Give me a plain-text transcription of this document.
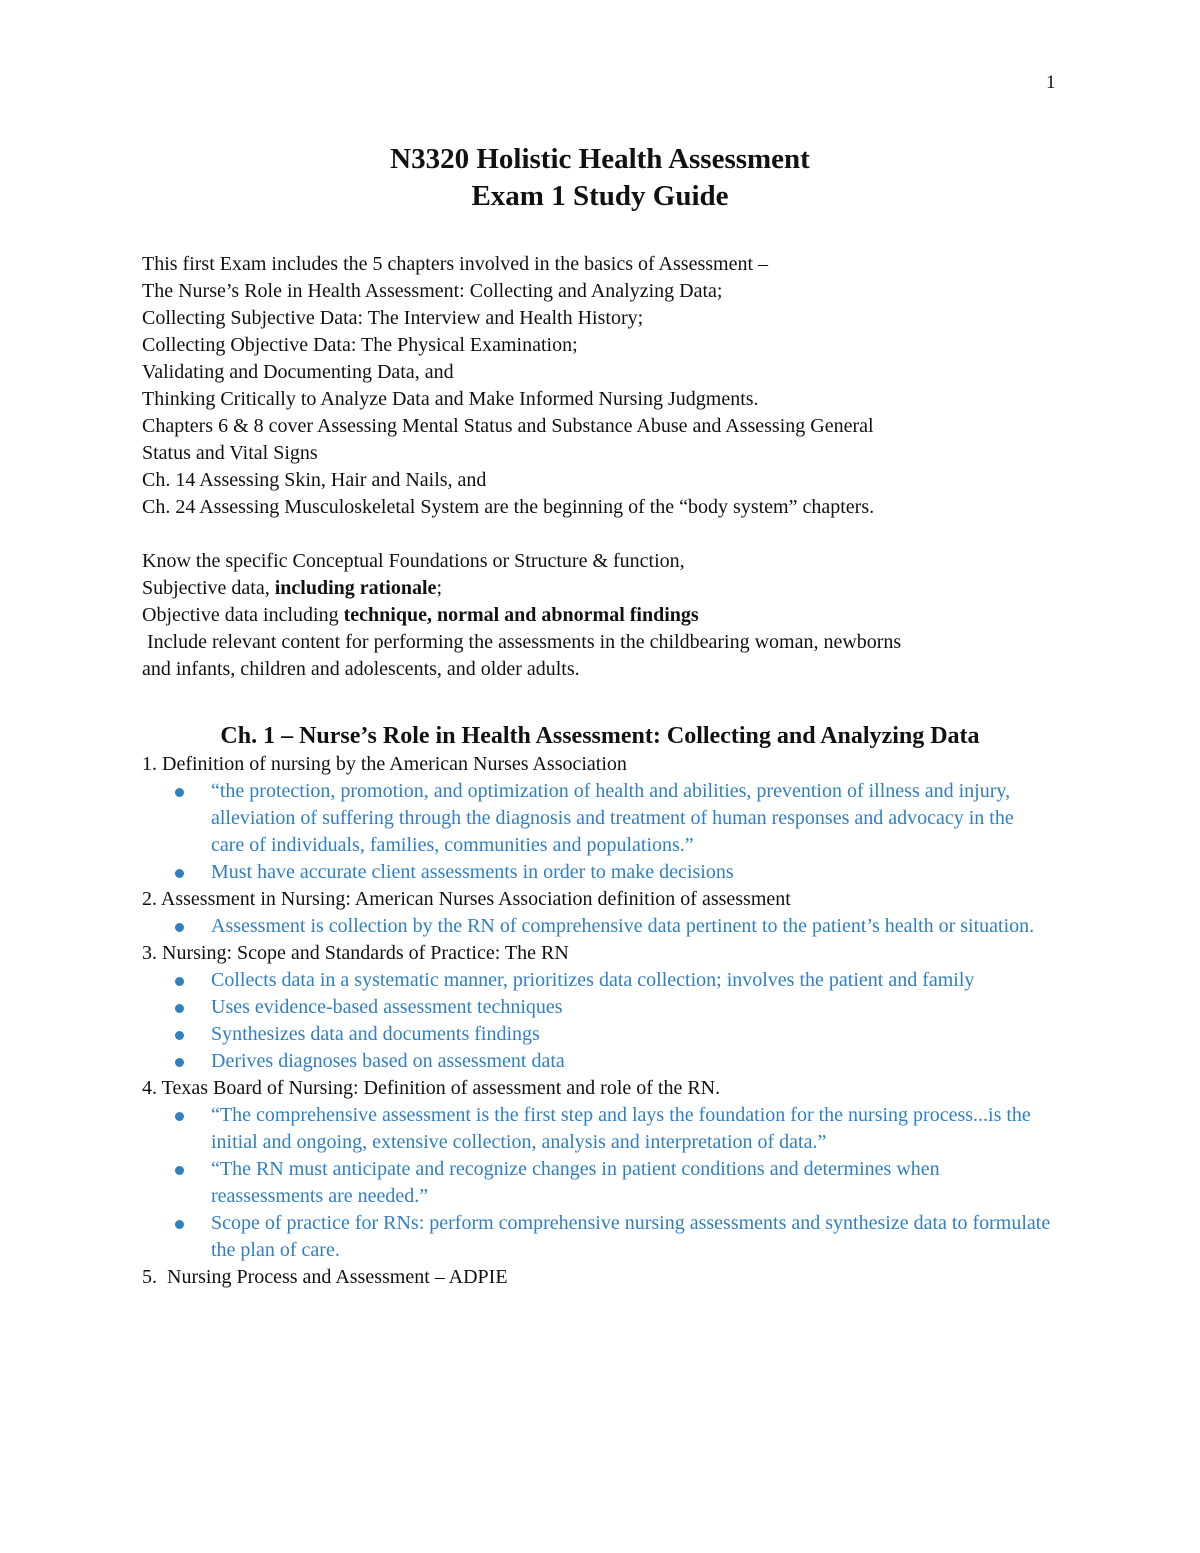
1
N3320 Holistic Health Assessment
Exam 1 Study Guide
This first Exam includes the 5 chapters involved in the basics of Assessment –
The Nurse’s Role in Health Assessment: Collecting and Analyzing Data;
Collecting Subjective Data: The Interview and Health History;
Collecting Objective Data: The Physical Examination;
Validating and Documenting Data, and
Thinking Critically to Analyze Data and Make Informed Nursing Judgments.
Chapters 6 & 8 cover Assessing Mental Status and Substance Abuse and Assessing General
Status and Vital Signs
Ch. 14 Assessing Skin, Hair and Nails, and
Ch. 24 Assessing Musculoskeletal System are the beginning of the “body system” chapters.
Know the specific Conceptual Foundations or Structure & function,
Subjective data, including rationale;
Objective data including technique, normal and abnormal findings
Include relevant content for performing the assessments in the childbearing woman, newborns
and infants, children and adolescents, and older adults.
Ch. 1 – Nurse’s Role in Health Assessment: Collecting and Analyzing Data
1. Definition of nursing by the American Nurses Association
“the protection, promotion, and optimization of health and abilities, prevention of illness and injury, alleviation of suffering through the diagnosis and treatment of human responses and advocacy in the care of individuals, families, communities and populations.”
Must have accurate client assessments in order to make decisions
2. Assessment in Nursing: American Nurses Association definition of assessment
Assessment is collection by the RN of comprehensive data pertinent to the patient’s health or situation.
3. Nursing: Scope and Standards of Practice: The RN
Collects data in a systematic manner, prioritizes data collection; involves the patient and family
Uses evidence-based assessment techniques
Synthesizes data and documents findings
Derives diagnoses based on assessment data
4. Texas Board of Nursing: Definition of assessment and role of the RN.
“The comprehensive assessment is the first step and lays the foundation for the nursing process...is the initial and ongoing, extensive collection, analysis and interpretation of data.”
“The RN must anticipate and recognize changes in patient conditions and determines when reassessments are needed.”
Scope of practice for RNs: perform comprehensive nursing assessments and synthesize data to formulate the plan of care.
5.  Nursing Process and Assessment – ADPIE
